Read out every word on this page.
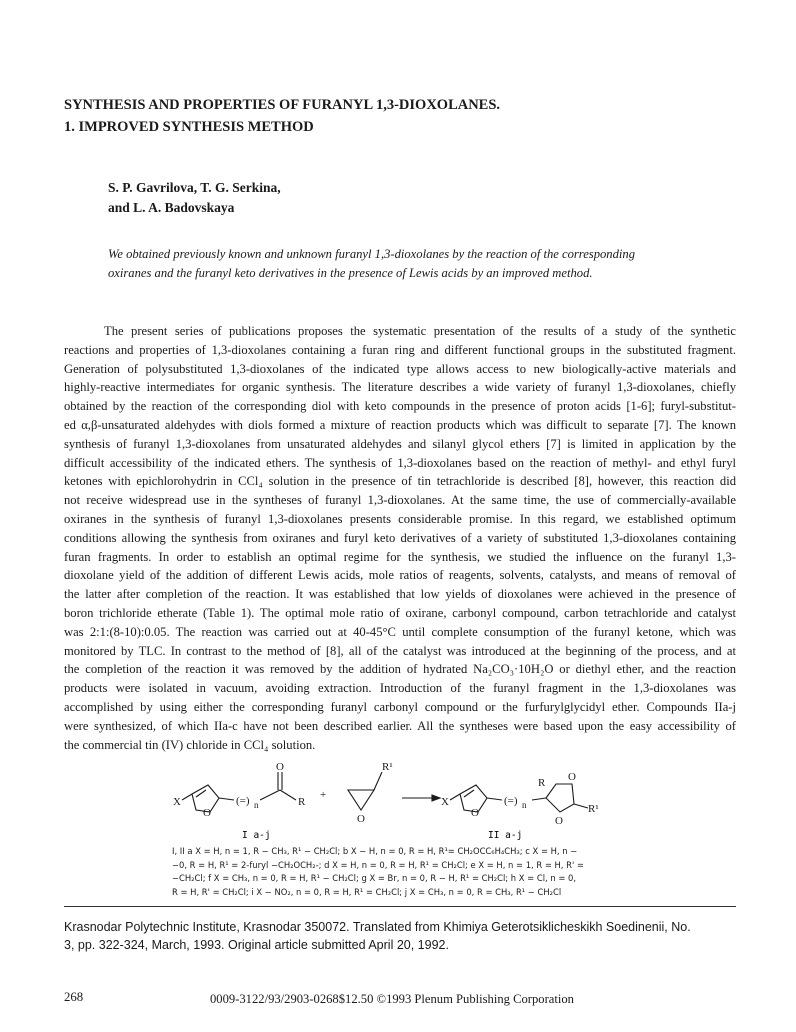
SYNTHESIS AND PROPERTIES OF FURANYL 1,3-DIOXOLANES.
1. IMPROVED SYNTHESIS METHOD
S. P. Gavrilova, T. G. Serkina,
and L. A. Badovskaya
We obtained previously known and unknown furanyl 1,3-dioxolanes by the reaction of the corresponding
oxiranes and the furanyl keto derivatives in the presence of Lewis acids by an improved method.
The present series of publications proposes the systematic presentation of the results of a study of the synthetic
reactions and properties of 1,3-dioxolanes containing a furan ring and different functional groups in the substituted fragment.
Generation of polysubstituted 1,3-dioxolanes of the indicated type allows access to new biologically-active materials and
highly-reactive intermediates for organic synthesis. The literature describes a wide variety of furanyl 1,3-dioxolanes, chiefly
obtained by the reaction of the corresponding diol with keto compounds in the presence of proton acids [1-6]; furyl-substitut-
ed α,β-unsaturated aldehydes with diols formed a mixture of reaction products which was difficult to separate [7]. The known
synthesis of furanyl 1,3-dioxolanes from unsaturated aldehydes and silanyl glycol ethers [7] is limited in application by the
difficult accessibility of the indicated ethers. The synthesis of 1,3-dioxolanes based on the reaction of methyl- and ethyl furyl
ketones with epichlorohydrin in CCl₄ solution in the presence of tin tetrachloride is described [8], however, this reaction did
not receive widespread use in the syntheses of furanyl 1,3-dioxolanes. At the same time, the use of commercially-available
oxiranes in the synthesis of furanyl 1,3-dioxolanes presents considerable promise. In this regard, we established optimum
conditions allowing the synthesis from oxiranes and furyl keto derivatives of a variety of substituted 1,3-dioxolanes containing
furan fragments. In order to establish an optimal regime for the synthesis, we studied the influence on the furanyl 1,3-
dioxolane yield of the addition of different Lewis acids, mole ratios of reagents, solvents, catalysts, and means of removal of
the latter after completion of the reaction. It was established that low yields of dioxolanes were achieved in the presence of
boron trichloride etherate (Table 1). The optimal mole ratio of oxirane, carbonyl compound, carbon tetrachloride and catalyst
was 2:1:(8-10):0.05. The reaction was carried out at 40-45°C until complete consumption of the furanyl ketone, which was
monitored by TLC. In contrast to the method of [8], all of the catalyst was introduced at the beginning of the process, and at
the completion of the reaction it was removed by the addition of hydrated Na₂CO₃·10H₂O or diethyl ether, and the reaction
products were isolated in vacuum, avoiding extraction. Introduction of the furanyl fragment in the 1,3-dioxolanes was
accomplished by using either the corresponding furanyl carbonyl compound or the furfurylglycidyl ether. Compounds IIa-j
were synthesized, of which IIa-c have not been described earlier. All the syntheses were based upon the easy accessibility of
the commercial tin (IV) chloride in CCl₄ solution.
X
O
(=) n
O
R
+
O
R¹
X
O
(=) n
R O
O
R¹
I a-j	II a-j
I, II a X = H, n = 1, R − CH₃, R¹ − CH₂Cl; b X − H, n = 0, R = H, R¹= CH₂OCC₆H₄CH₃; c X = H, n −
−0, R = H, R¹ = 2-furyl −CH₂OCH₂-; d X = H, n = 0, R = H, R¹ = CH₂Cl; e X = H, n = 1, R = H, R' =
−CH₂Cl; f X = CH₃, n = 0, R = H, R¹ − CH₂Cl; g X = Br, n = 0, R − H, R¹ = CH₂Cl; h X = Cl, n = 0,
R = H, R' = CH₂Cl; i X − NO₂, n = 0, R = H, R¹ = CH₂Cl; j X = CH₃, n = 0, R = CH₃, R¹ − CH₂Cl
Krasnodar Polytechnic Institute, Krasnodar 350072. Translated from Khimiya Geterotsiklicheskikh Soedinenii, No.
3, pp. 322-324, March, 1993. Original article submitted April 20, 1992.
268	0009-3122/93/2903-0268$12.50 ©1993 Plenum Publishing Corporation
